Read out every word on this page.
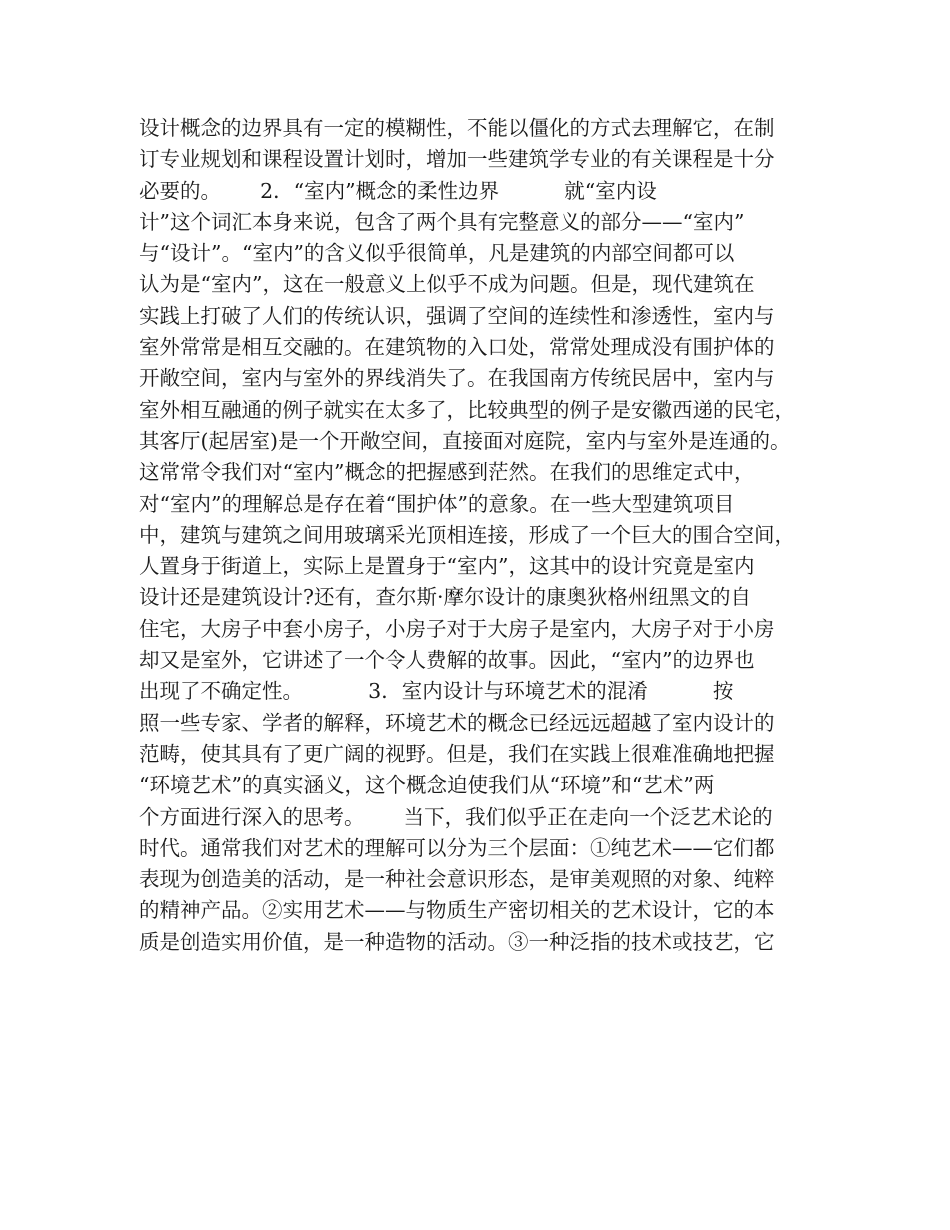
设计概念的边界具有一定的模糊性，不能以僵化的方式去理解它，在制
订专业规划和课程设置计划时，增加一些建筑学专业的有关课程是十分
必要的。      2．“室内”概念的柔性边界          就“室内设
计”这个词汇本身来说，包含了两个具有完整意义的部分——“室内”
与“设计”。“室内”的含义似乎很简单，凡是建筑的内部空间都可以
认为是“室内”，这在一般意义上似乎不成为问题。但是，现代建筑在
实践上打破了人们的传统认识，强调了空间的连续性和渗透性，室内与
室外常常是相互交融的。在建筑物的入口处，常常处理成没有围护体的
开敞空间，室内与室外的界线消失了。在我国南方传统民居中，室内与
室外相互融通的例子就实在太多了，比较典型的例子是安徽西递的民宅，
其客厅(起居室)是一个开敞空间，直接面对庭院，室内与室外是连通的。
这常常令我们对“室内”概念的把握感到茫然。在我们的思维定式中，
对“室内”的理解总是存在着“围护体”的意象。在一些大型建筑项目
中，建筑与建筑之间用玻璃采光顶相连接，形成了一个巨大的围合空间，
人置身于街道上，实际上是置身于“室内”，这其中的设计究竟是室内
设计还是建筑设计?还有，查尔斯·摩尔设计的康奥狄格州纽黑文的自
住宅，大房子中套小房子，小房子对于大房子是室内，大房子对于小房
却又是室外，它讲述了一个令人费解的故事。因此，“室内”的边界也
出现了不确定性。          3．室内设计与环境艺术的混淆          按
照一些专家、学者的解释，环境艺术的概念已经远远超越了室内设计的
范畴，使其具有了更广阔的视野。但是，我们在实践上很难准确地把握
“环境艺术”的真实涵义，这个概念迫使我们从“环境”和“艺术”两
个方面进行深入的思考。      当下，我们似乎正在走向一个泛艺术论的
时代。通常我们对艺术的理解可以分为三个层面：①纯艺术——它们都
表现为创造美的活动，是一种社会意识形态，是审美观照的对象、纯粹
的精神产品。②实用艺术——与物质生产密切相关的艺术设计，它的本
质是创造实用价值，是一种造物的活动。③一种泛指的技术或技艺，它
